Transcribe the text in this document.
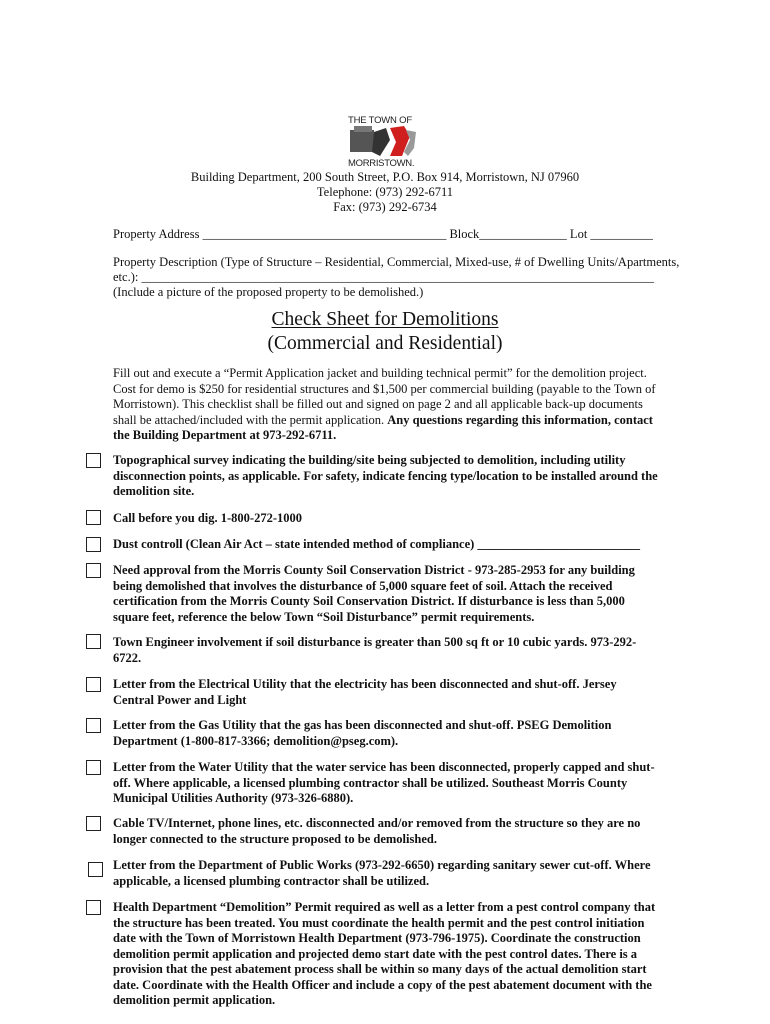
THE TOWN OF
MORRISTOWN.
Building Department, 200 South Street, P.O. Box 914, Morristown, NJ 07960
Telephone: (973) 292-6711
Fax: (973) 292-6734
Property Address _______________________________________ Block______________ Lot __________
Property Description (Type of Structure – Residential, Commercial, Mixed-use, # of Dwelling Units/Apartments,
etc.): __________________________________________________________________________________
(Include a picture of the proposed property to be demolished.)
Check Sheet for Demolitions
(Commercial and Residential)
Fill out and execute a “Permit Application jacket and building technical permit” for the demolition project. Cost for demo is $250 for residential structures and $1,500 per commercial building (payable to the Town of Morristown). This checklist shall be filled out and signed on page 2 and all applicable back-up documents shall be attached/included with the permit application. Any questions regarding this information, contact the Building Department at 973-292-6711.
Topographical survey indicating the building/site being subjected to demolition, including utility disconnection points, as applicable. For safety, indicate fencing type/location to be installed around the demolition site.
Call before you dig. 1-800-272-1000
Dust controll (Clean Air Act – state intended method of compliance) __________________________
Need approval from the Morris County Soil Conservation District - 973-285-2953 for any building being demolished that involves the disturbance of 5,000 square feet of soil. Attach the received certification from the Morris County Soil Conservation District. If disturbance is less than 5,000 square feet, reference the below Town “Soil Disturbance” permit requirements.
Town Engineer involvement if soil disturbance is greater than 500 sq ft or 10 cubic yards. 973-292-6722.
Letter from the Electrical Utility that the electricity has been disconnected and shut-off. Jersey Central Power and Light
Letter from the Gas Utility that the gas has been disconnected and shut-off. PSEG Demolition Department (1-800-817-3366; demolition@pseg.com).
Letter from the Water Utility that the water service has been disconnected, properly capped and shut-off. Where applicable, a licensed plumbing contractor shall be utilized. Southeast Morris County Municipal Utilities Authority (973-326-6880).
Cable TV/Internet, phone lines, etc. disconnected and/or removed from the structure so they are no longer connected to the structure proposed to be demolished.
Letter from the Department of Public Works (973-292-6650) regarding sanitary sewer cut-off. Where applicable, a licensed plumbing contractor shall be utilized.
Health Department “Demolition” Permit required as well as a letter from a pest control company that the structure has been treated. You must coordinate the health permit and the pest control initiation date with the Town of Morristown Health Department (973-796-1975). Coordinate the construction demolition permit application and projected demo start date with the pest control dates. There is a provision that the pest abatement process shall be within so many days of the actual demolition start date. Coordinate with the Health Officer and include a copy of the pest abatement document with the demolition permit application.
